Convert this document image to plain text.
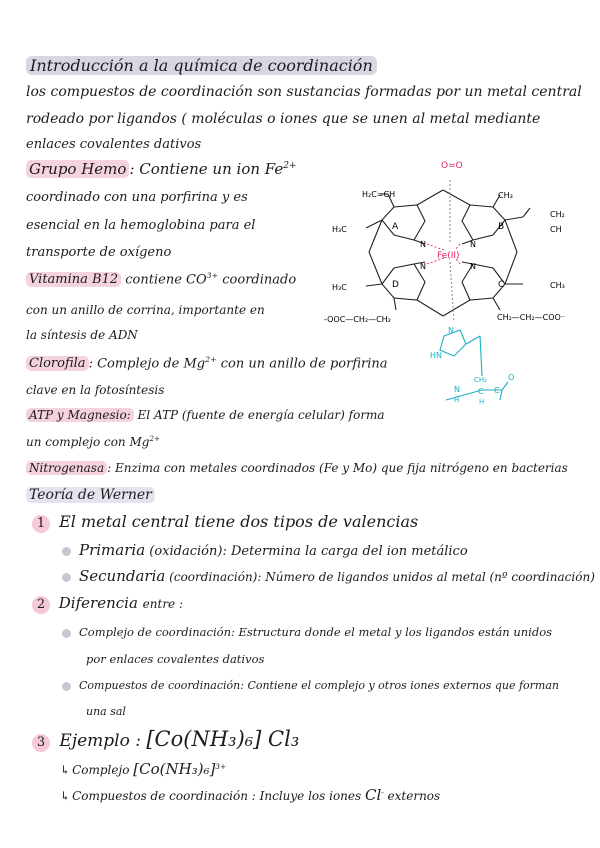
Introducción a la química de coordinación
los compuestos de coordinación son sustancias formadas por un metal central
rodeado por ligandos ( moléculas o iones que se unen al metal mediante
enlaces covalentes dativos
Grupo Hemo : Contiene un ion $Fe^{2+}$
coordinado con una porfirina y es
esencial en la hemoglobina para el
transporte de oxígeno
Vitamina B12 contiene $CO^{3+}$ coordinado
con un anillo de corrina, importante en
la síntesis de ADN
Clorofila : Complejo de $Mg^{2+}$ con un anillo de porfirina
clave en la fotosíntesis
ATP y Magnesio: El ATP (fuente de energía celular) forma
un complejo con $Mg^{2+}$
Nitrogenasa : Enzima con metales coordinados (Fe y Mo) que fija nitrógeno en bacterias
Teoría de Werner
1 El metal central tiene dos tipos de valencias
Primaria (oxidación): Determina la carga del ion metálico
Secundaria (coordinación): Número de ligandos unidos al metal (nº coordinación)
2 Diferencia entre :
Complejo de coordinación: Estructura donde el metal y los ligandos están unidos
por enlaces covalentes dativos
Compuestos de coordinación: Contiene el complejo y otros iones externos que forman
una sal
3 Ejemplo : [Co(NH₃)₆] Cl₃
↳ Complejo $[Co(NH_3)_6]^{3+}$
↳ Compuestos de coordinación : Incluye los iones Cl- externos
O=O
Fe(II)
N	N
N	N
A	B
D	C
H₂C=CH	CH₃
CH₂
CH
H₃C
H₃C	CH₃
-OOC—CH₂—CH₂	CH₂—CH₂—COO⁻
N
HN
CH₂
N
H
C
H
C
O
